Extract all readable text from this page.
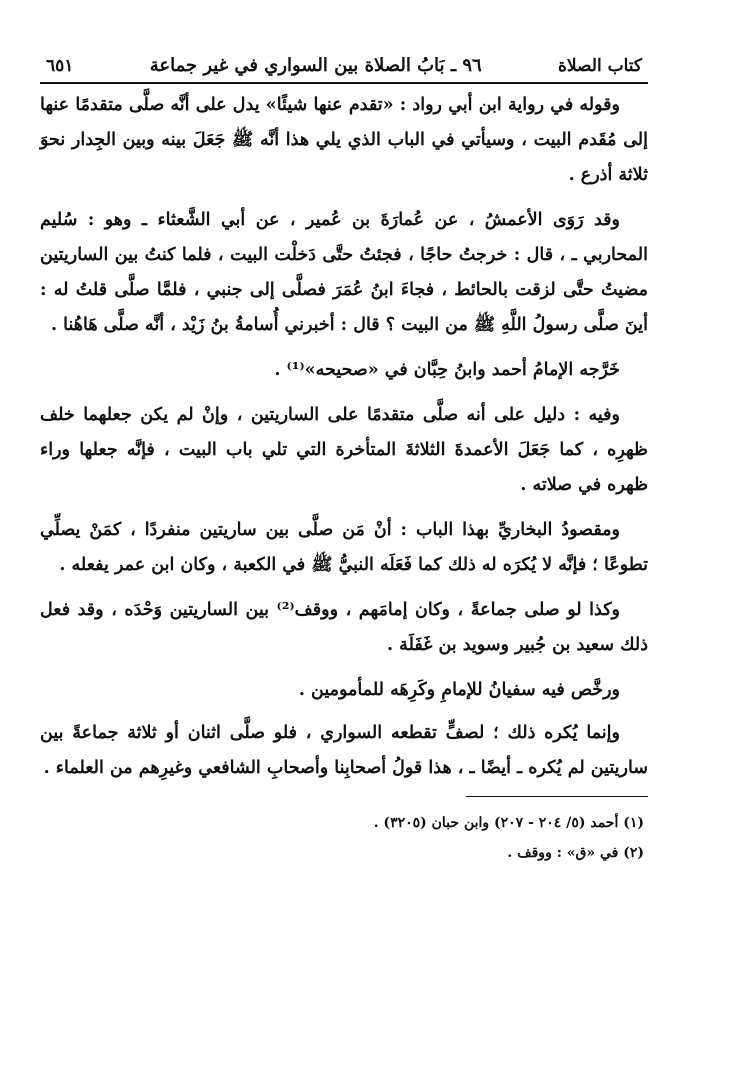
كتاب الصلاة
٩٦ ـ بَابُ الصلاة بين السواري في غير جماعة
٦٥١

وقوله في رواية ابن أبي رواد : «تقدم عنها شيئًا» يدل على أنَّه صلَّى متقدمًا عنها إلى مُقَدم البيت ، وسيأتي في الباب الذي يلي هذا أنَّه ﷺ جَعَلَ بينه وبين الجِدار نحوَ ثلاثة أذرع .

وقد رَوَى الأعمشُ ، عن عُمارَةَ بن عُمير ، عن أبي الشَّعثاء ـ وهو : سُليم المحاربي ـ ، قال : خرجتُ حاجًا ، فجئتُ حتَّى دَخلْت البيت ، فلما كنتُ بين الساريتين مضيتُ حتَّى لزقت بالحائط ، فجاءَ ابنُ عُمَرَ فصلَّى إلى جنبي ، فلمَّا صلَّى قلتُ له : أينَ صلَّى رسولُ اللَّهِ ﷺ من البيت ؟ قال : أخبرني أُسامةُ بنُ زَيْد ، أنَّه صلَّى هَاهُنا .

خَرَّجه الإمامُ أحمد وابنُ حِبَّان في «صحيحه»⁽¹⁾ .

وفيه : دليل على أنه صلَّى متقدمًا على الساريتين ، وإنْ لم يكن جعلهما خلف ظهرِه ، كما جَعَلَ الأعمدةَ الثلاثةَ المتأخرة التي تلي باب البيت ، فإنَّه جعلها وراء ظهره في صلاته .

ومقصودُ البخاريِّ بهذا الباب : أنْ مَن صلَّى بين ساريتين منفردًا ، كمَنْ يصلِّي تطوعًا ؛ فإنَّه لا يُكرَه له ذلك كما فَعَلَه النبيُّ ﷺ في الكعبة ، وكان ابن عمر يفعله .

وكذا لو صلى جماعةً ، وكان إمامَهم ، ووقف⁽²⁾ بين الساريتين وَحْدَه ، وقد فعل ذلك سعيد بن جُبير وسويد بن غَفَلَة .

ورخَّص فيه سفيانُ للإمامِ وكَرِهَه للمأمومين .

وإنما يُكره ذلك ؛ لصفٍّ تقطعه السواري ، فلو صلَّى اثنان أو ثلاثة جماعةً بين ساريتين لم يُكره ـ أيضًا ـ ، هذا قولُ أصحابِنا وأصحابِ الشافعي وغيرِهم من العلماء .

(١) أحمد (٥/ ٢٠٤ - ٢٠٧) وابن حبان (٣٢٠٥) .
(٢) في «ق» : ووقف .
